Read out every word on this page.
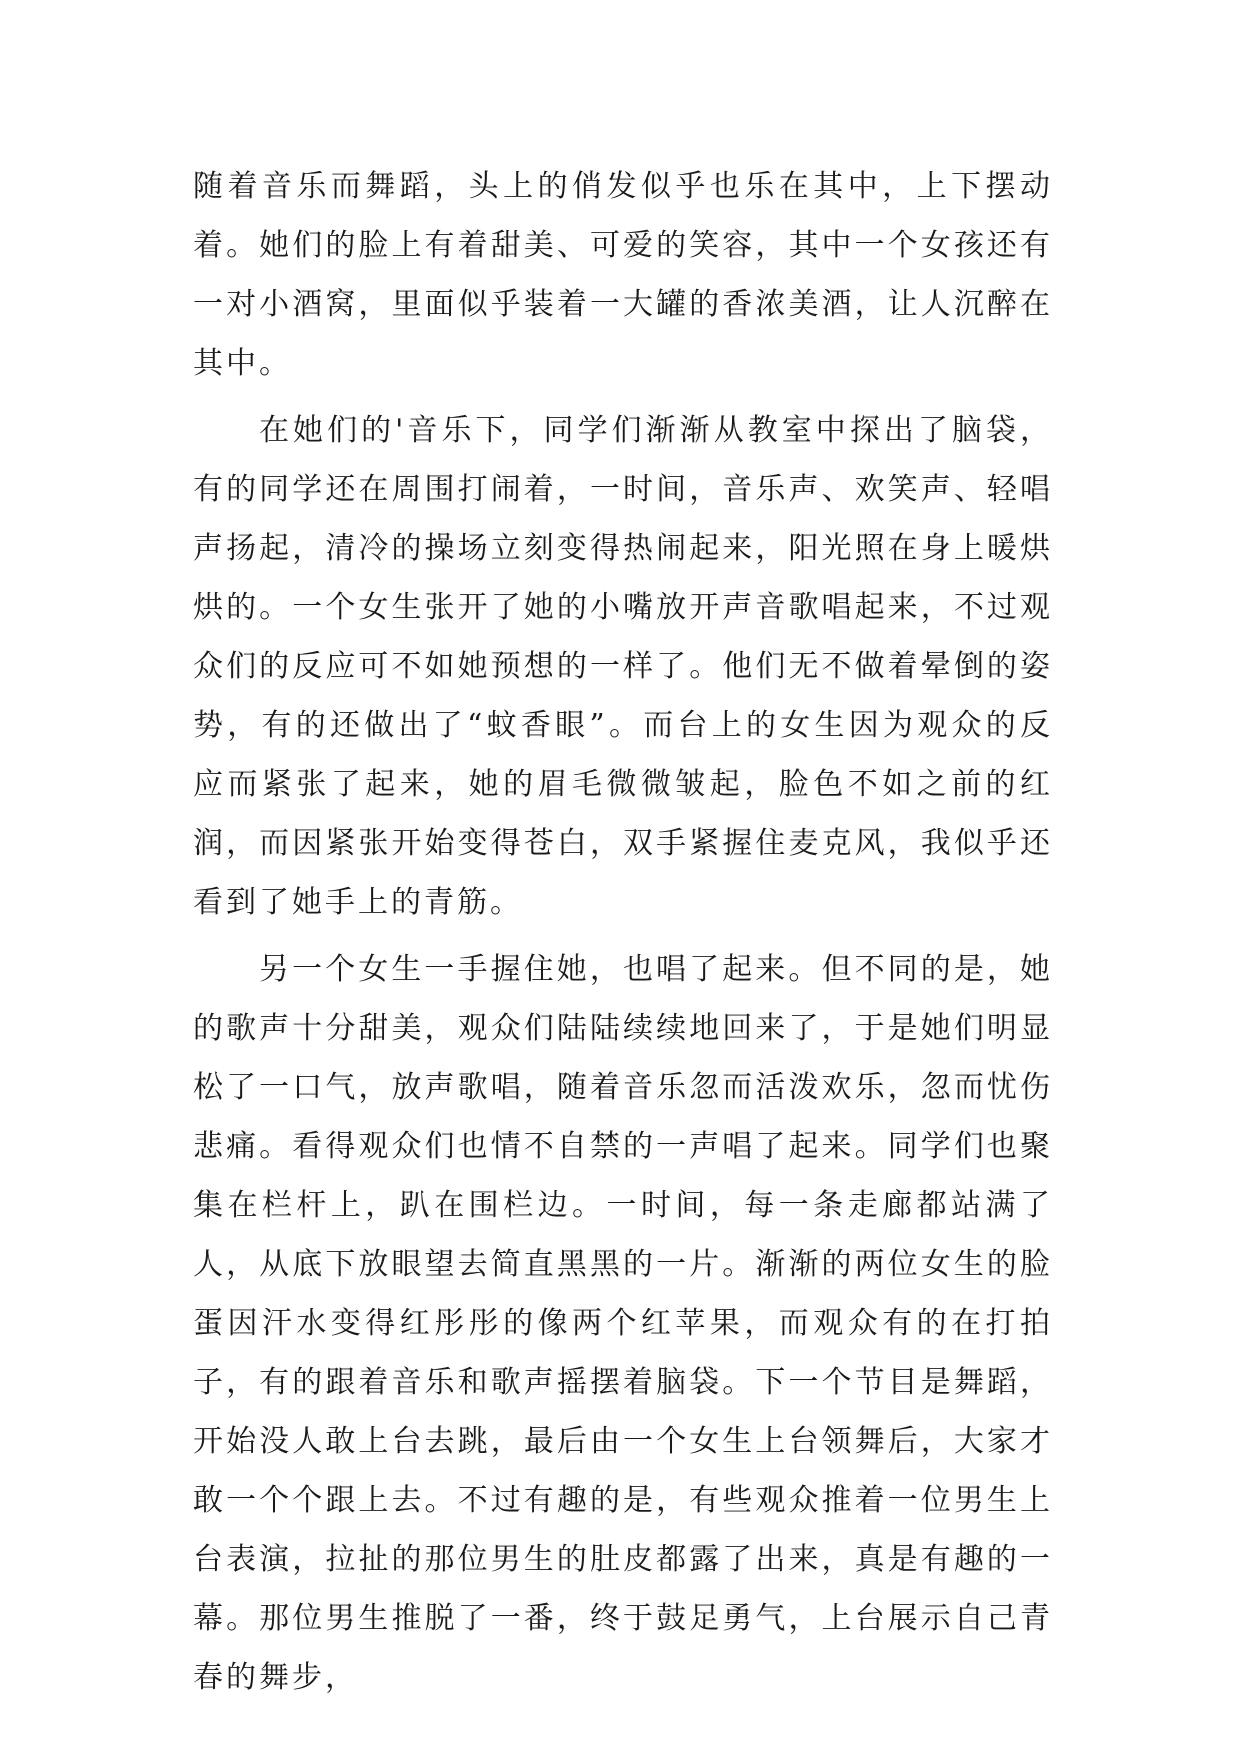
随着音乐而舞蹈，头上的俏发似乎也乐在其中，上下摆动着。她们的脸上有着甜美、可爱的笑容，其中一个女孩还有一对小酒窝，里面似乎装着一大罐的香浓美酒，让人沉醉在其中。

在她们的'音乐下，同学们渐渐从教室中探出了脑袋，有的同学还在周围打闹着，一时间，音乐声、欢笑声、轻唱声扬起，清冷的操场立刻变得热闹起来，阳光照在身上暖烘烘的。一个女生张开了她的小嘴放开声音歌唱起来，不过观众们的反应可不如她预想的一样了。他们无不做着晕倒的姿势，有的还做出了“蚊香眼”。而台上的女生因为观众的反应而紧张了起来，她的眉毛微微皱起，脸色不如之前的红润，而因紧张开始变得苍白，双手紧握住麦克风，我似乎还看到了她手上的青筋。

另一个女生一手握住她，也唱了起来。但不同的是，她的歌声十分甜美，观众们陆陆续续地回来了，于是她们明显松了一口气，放声歌唱，随着音乐忽而活泼欢乐，忽而忧伤悲痛。看得观众们也情不自禁的一声唱了起来。同学们也聚集在栏杆上，趴在围栏边。一时间，每一条走廊都站满了人，从底下放眼望去简直黑黑的一片。渐渐的两位女生的脸蛋因汗水变得红彤彤的像两个红苹果，而观众有的在打拍子，有的跟着音乐和歌声摇摆着脑袋。下一个节目是舞蹈，开始没人敢上台去跳，最后由一个女生上台领舞后，大家才敢一个个跟上去。不过有趣的是，有些观众推着一位男生上台表演，拉扯的那位男生的肚皮都露了出来，真是有趣的一幕。那位男生推脱了一番，终于鼓足勇气，上台展示自己青春的舞步，
